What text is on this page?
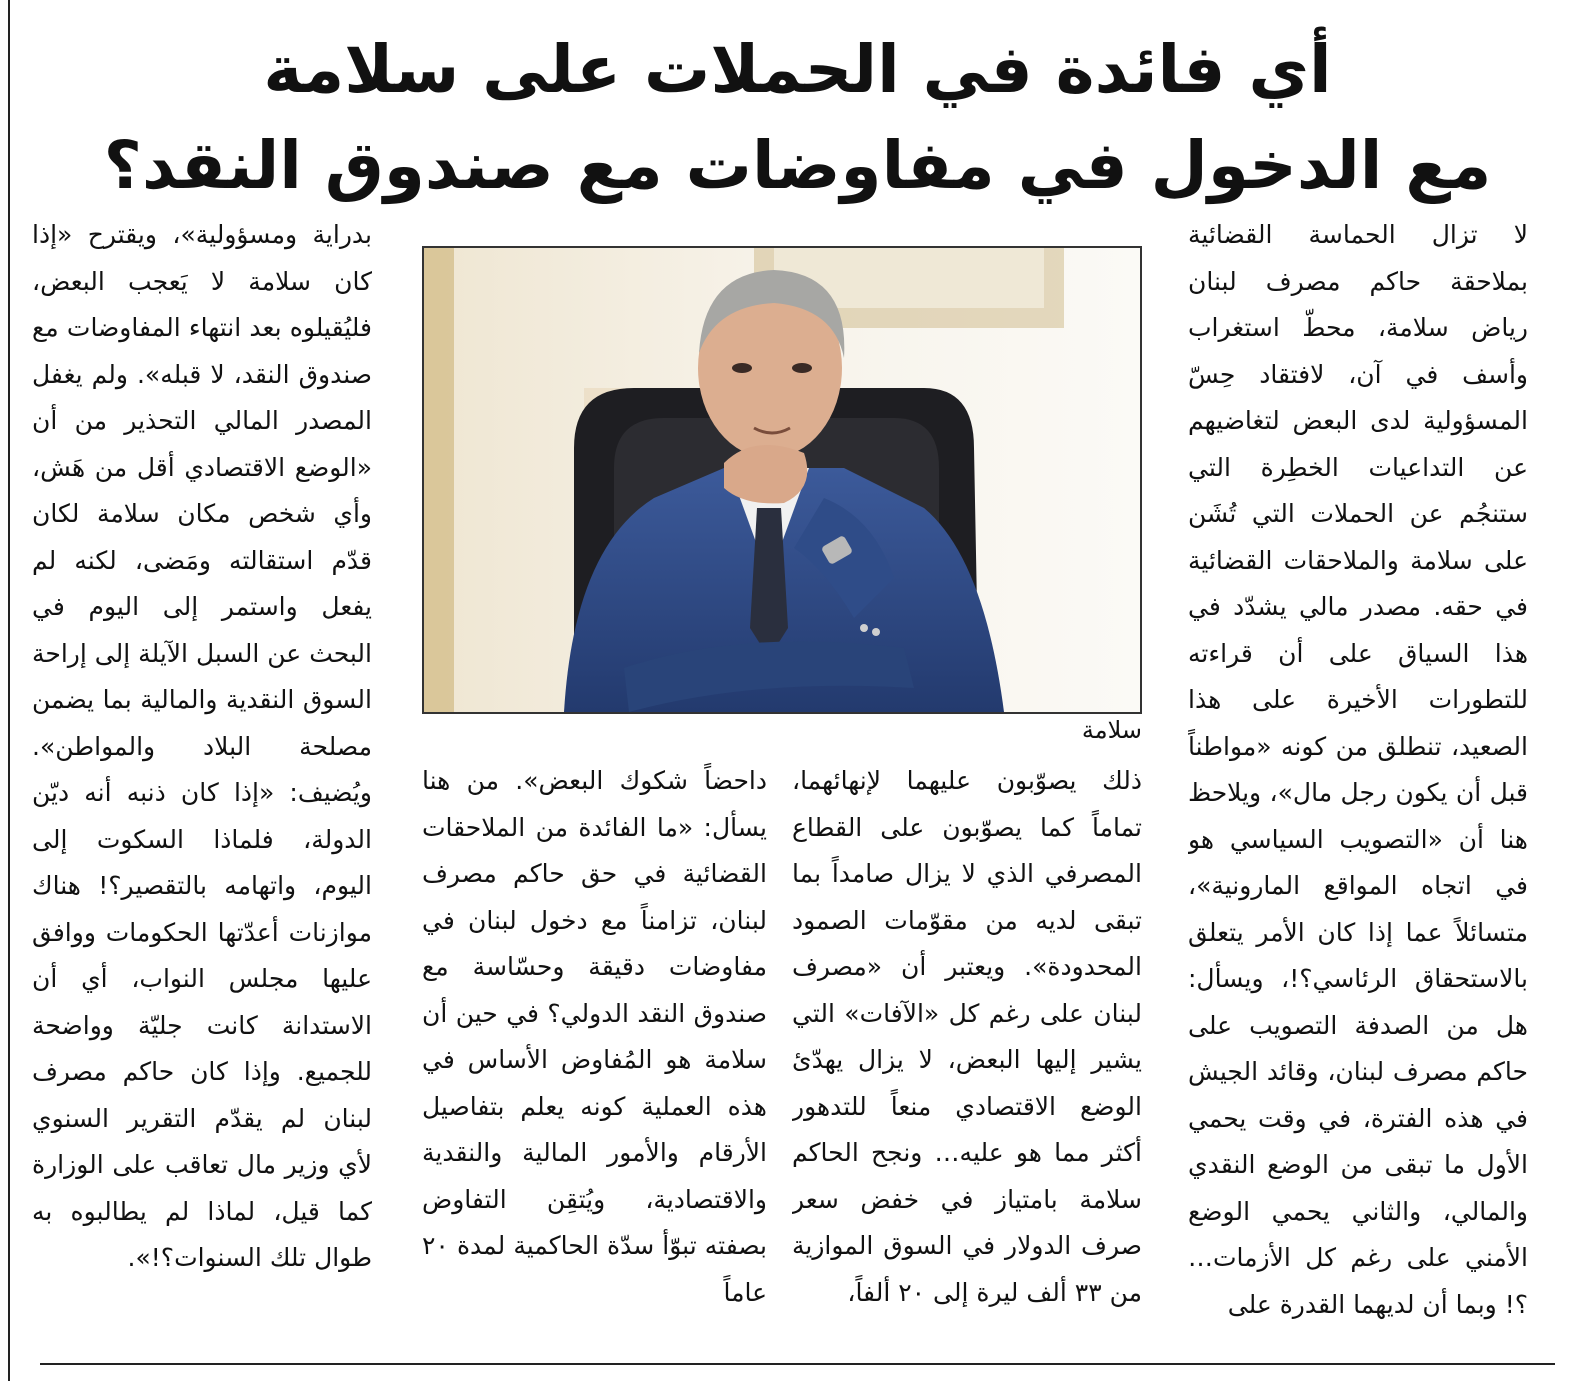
أي فائدة في الحملات على سلامة
مع الدخول في مفاوضات مع صندوق النقد؟
لا تزال الحماسة القضائية بملاحقة حاكم مصرف لبنان رياض سلامة، محطّ استغراب وأسف في آن، لافتقاد حِسّ المسؤولية لدى البعض لتغاضيهم عن التداعيات الخطِرة التي ستنجُم عن الحملات التي تُشَن على سلامة والملاحقات القضائية في حقه. مصدر مالي يشدّد في هذا السياق على أن قراءته للتطورات الأخيرة على هذا الصعيد، تنطلق من كونه «مواطناً قبل أن يكون رجل مال»، ويلاحظ هنا أن «التصويب السياسي هو في اتجاه المواقع المارونية»، متسائلاً عما إذا كان الأمر يتعلق بالاستحقاق الرئاسي؟!، ويسأل: هل من الصدفة التصويب على حاكم مصرف لبنان، وقائد الجيش في هذه الفترة، في وقت يحمي الأول ما تبقى من الوضع النقدي والمالي، والثاني يحمي الوضع الأمني على رغم كل الأزمات… ؟! وبما أن لديهما القدرة على
سلامة
ذلك يصوّبون عليهما لإنهائهما، تماماً كما يصوّبون على القطاع المصرفي الذي لا يزال صامداً بما تبقى لديه من مقوّمات الصمود المحدودة». ويعتبر أن «مصرف لبنان على رغم كل «الآفات» التي يشير إليها البعض، لا يزال يهدّئ الوضع الاقتصادي منعاً للتدهور أكثر مما هو عليه… ونجح الحاكم سلامة بامتياز في خفض سعر صرف الدولار في السوق الموازية من ٣٣ ألف ليرة إلى ٢٠ ألفاً،
داحضاً شكوك البعض». من هنا يسأل: «ما الفائدة من الملاحقات القضائية في حق حاكم مصرف لبنان، تزامناً مع دخول لبنان في مفاوضات دقيقة وحسّاسة مع صندوق النقد الدولي؟ في حين أن سلامة هو المُفاوض الأساس في هذه العملية كونه يعلم بتفاصيل الأرقام والأمور المالية والنقدية والاقتصادية، ويُتقِن التفاوض بصفته تبوّأ سدّة الحاكمية لمدة ٢٠ عاماً
بدراية ومسؤولية»، ويقترح «إذا كان سلامة لا يَعجب البعض، فليُقيلوه بعد انتهاء المفاوضات مع صندوق النقد، لا قبله». ولم يغفل المصدر المالي التحذير من أن «الوضع الاقتصادي أقل من هَش، وأي شخص مكان سلامة لكان قدّم استقالته ومَضى، لكنه لم يفعل واستمر إلى اليوم في البحث عن السبل الآيلة إلى إراحة السوق النقدية والمالية بما يضمن مصلحة البلاد والمواطن». ويُضيف: «إذا كان ذنبه أنه ديّن الدولة، فلماذا السكوت إلى اليوم، واتهامه بالتقصير؟! هناك موازنات أعدّتها الحكومات ووافق عليها مجلس النواب، أي أن الاستدانة كانت جليّة وواضحة للجميع. وإذا كان حاكم مصرف لبنان لم يقدّم التقرير السنوي لأي وزير مال تعاقب على الوزارة كما قيل، لماذا لم يطالبوه به طوال تلك السنوات؟!».
